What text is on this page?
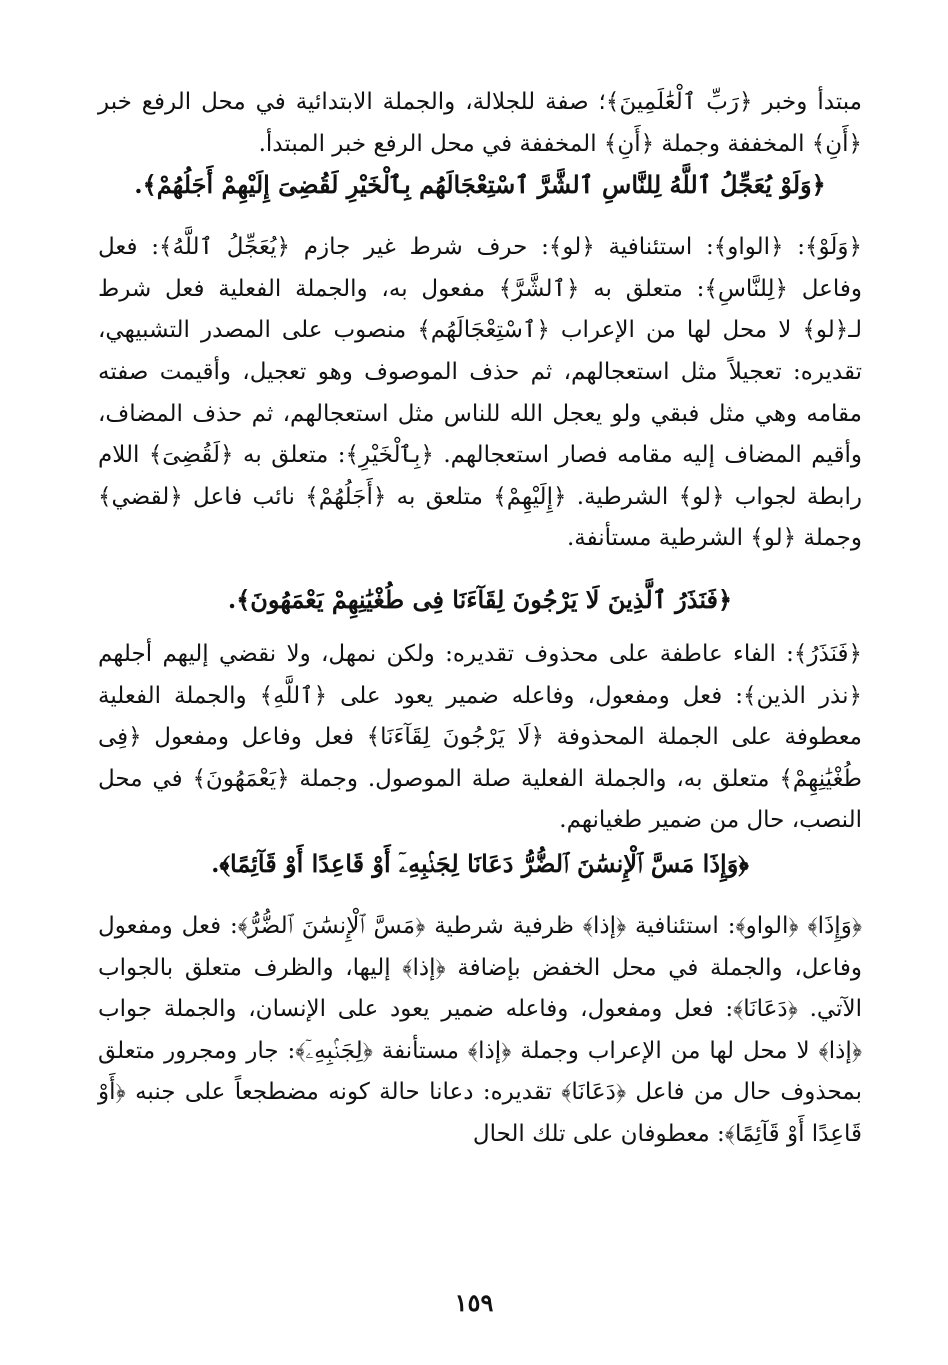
مبتدأ وخبر ﴿رَبِّ ٱلْعَٰلَمِينَ﴾؛ صفة للجلالة، والجملة الابتدائية في محل الرفع خبر ﴿أَنِ﴾ المخففة وجملة ﴿أَنِ﴾ المخففة في محل الرفع خبر المبتدأ.

﴿وَلَوْ يُعَجِّلُ ٱللَّهُ لِلنَّاسِ ٱلشَّرَّ ٱسْتِعْجَالَهُم بِٱلْخَيْرِ لَقُضِىَ إِلَيْهِمْ أَجَلُهُمْ﴾.

﴿وَلَوْ﴾: ﴿الواو﴾: استئنافية ﴿لو﴾: حرف شرط غير جازم ﴿يُعَجِّلُ ٱللَّهُ﴾: فعل وفاعل ﴿لِلنَّاسِ﴾: متعلق به ﴿ٱلشَّرَّ﴾ مفعول به، والجملة الفعلية فعل شرط لـ﴿لو﴾ لا محل لها من الإعراب ﴿ٱسْتِعْجَالَهُم﴾ منصوب على المصدر التشبيهي، تقديره: تعجيلاً مثل استعجالهم، ثم حذف الموصوف وهو تعجيل، وأقيمت صفته مقامه وهي مثل فبقي ولو يعجل الله للناس مثل استعجالهم، ثم حذف المضاف، وأقيم المضاف إليه مقامه فصار استعجالهم. ﴿بِٱلْخَيْرِ﴾: متعلق به ﴿لَقُضِىَ﴾ اللام رابطة لجواب ﴿لو﴾ الشرطية. ﴿إِلَيْهِمْ﴾ متلعق به ﴿أَجَلُهُمْ﴾ نائب فاعل ﴿لقضي﴾ وجملة ﴿لو﴾ الشرطية مستأنفة.

﴿فَنَذَرُ ٱلَّذِينَ لَا يَرْجُونَ لِقَآءَنَا فِى طُغْيَٰنِهِمْ يَعْمَهُونَ﴾.

﴿فَنَذَرُ﴾: الفاء عاطفة على محذوف تقديره: ولكن نمهل، ولا نقضي إليهم أجلهم ﴿نذر الذين﴾: فعل ومفعول، وفاعله ضمير يعود على ﴿ٱللَّهِ﴾ والجملة الفعلية معطوفة على الجملة المحذوفة ﴿لَا يَرْجُونَ لِقَآءَنَا﴾ فعل وفاعل ومفعول ﴿فِى طُغْيَٰنِهِمْ﴾ متعلق به، والجملة الفعلية صلة الموصول. وجملة ﴿يَعْمَهُونَ﴾ في محل النصب، حال من ضمير طغيانهم.

﴿وَإِذَا مَسَّ ٱلْإِنسَٰنَ ٱلضُّرُّ دَعَانَا لِجَنۢبِهِۦٓ أَوْ قَاعِدًا أَوْ قَآئِمًا﴾.

﴿وَإِذَا﴾ ﴿الواو﴾: استئنافية ﴿إذا﴾ ظرفية شرطية ﴿مَسَّ ٱلْإِنسَٰنَ ٱلضُّرُّ﴾: فعل ومفعول وفاعل، والجملة في محل الخفض بإضافة ﴿إذا﴾ إليها، والظرف متعلق بالجواب الآتي. ﴿دَعَانَا﴾: فعل ومفعول، وفاعله ضمير يعود على الإنسان، والجملة جواب ﴿إذا﴾ لا محل لها من الإعراب وجملة ﴿إذا﴾ مستأنفة ﴿لِجَنۢبِهِۦٓ﴾: جار ومجرور متعلق بمحذوف حال من فاعل ﴿دَعَانَا﴾ تقديره: دعانا حالة كونه مضطجعاً على جنبه ﴿أَوْ قَاعِدًا أَوْ قَآئِمًا﴾: معطوفان على تلك الحال

١٥٩
